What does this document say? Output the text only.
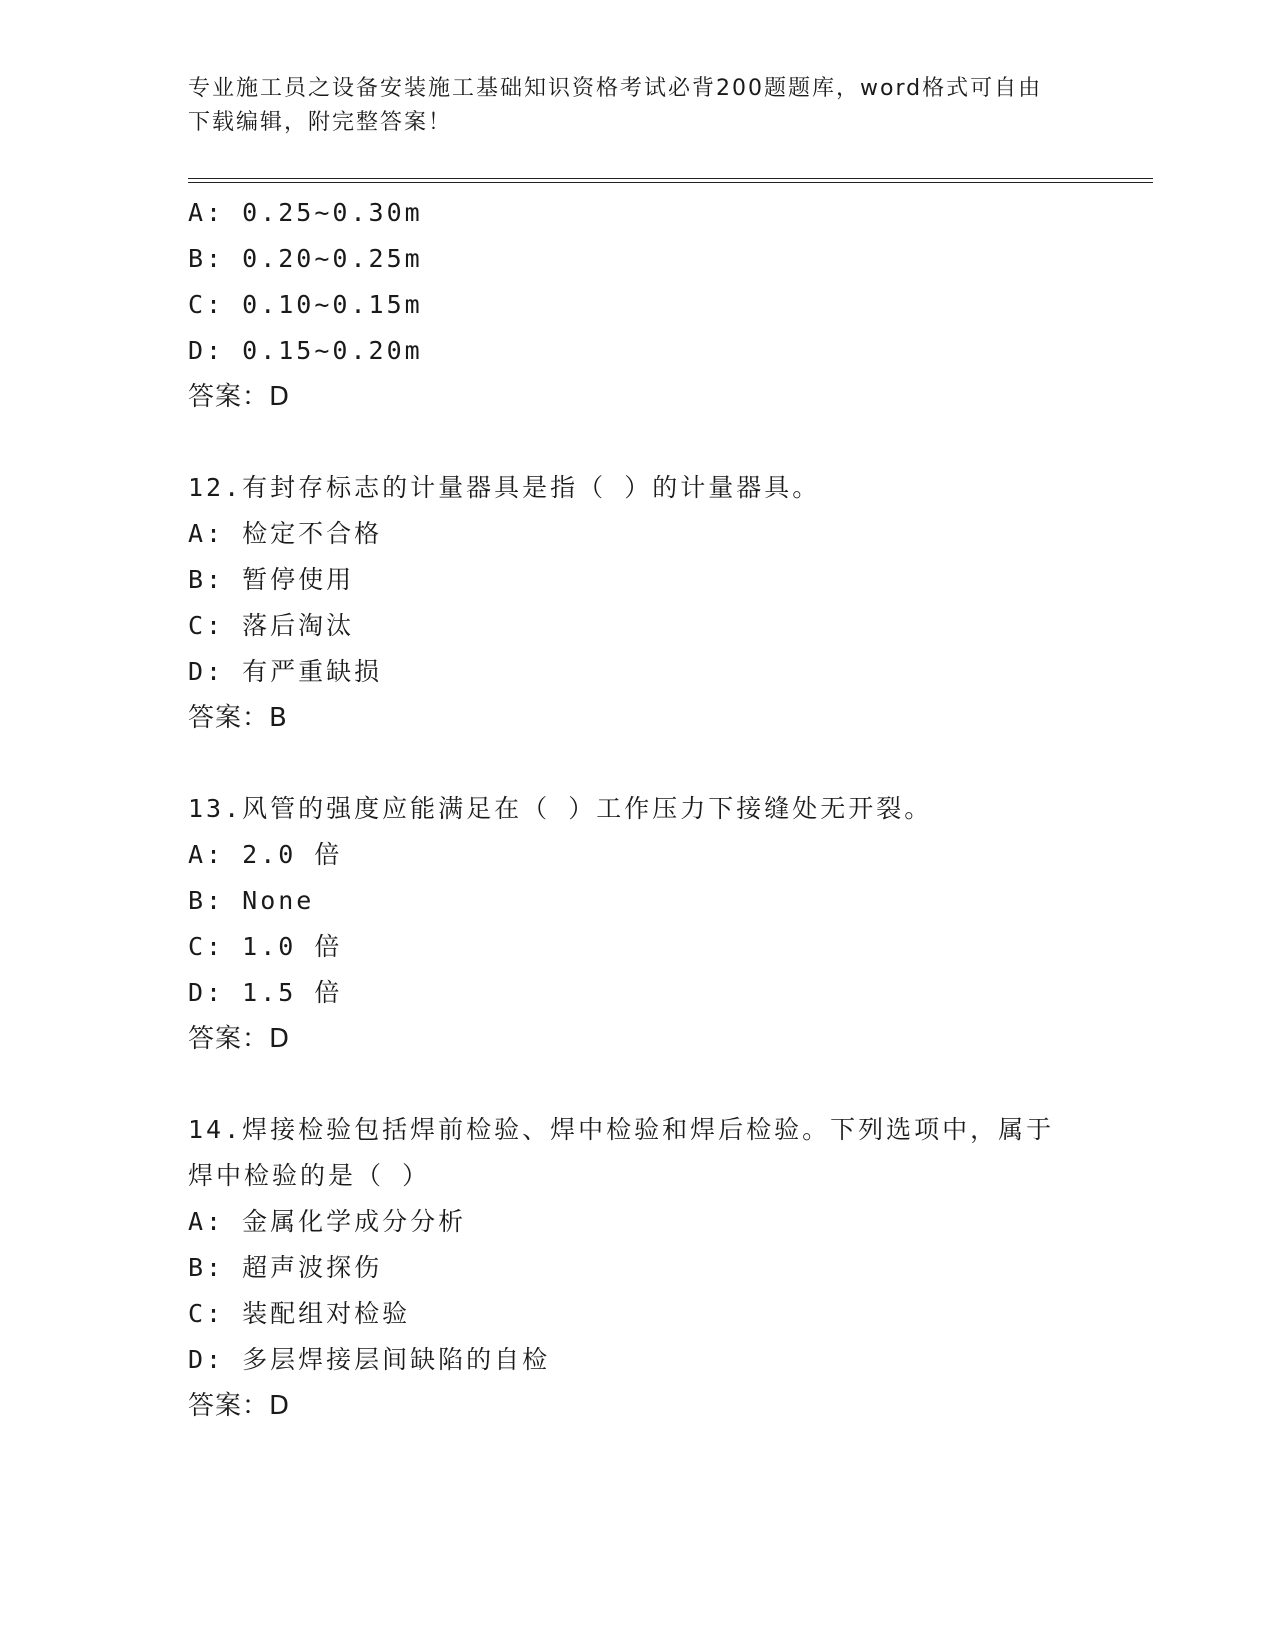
专业施工员之设备安装施工基础知识资格考试必背200题题库，word格式可自由
下载编辑，附完整答案！
A: 0.25~0.30m
B: 0.20~0.25m
C: 0.10~0.15m
D: 0.15~0.20m
答案：D
12.有封存标志的计量器具是指（ ）的计量器具。
A: 检定不合格
B: 暂停使用
C: 落后淘汰
D: 有严重缺损
答案：B
13.风管的强度应能满足在（ ）工作压力下接缝处无开裂。
A: 2.0 倍
B: None
C: 1.0 倍
D: 1.5 倍
答案：D
14.焊接检验包括焊前检验、焊中检验和焊后检验。下列选项中，属于
焊中检验的是（ ）
A: 金属化学成分分析
B: 超声波探伤
C: 装配组对检验
D: 多层焊接层间缺陷的自检
答案：D
